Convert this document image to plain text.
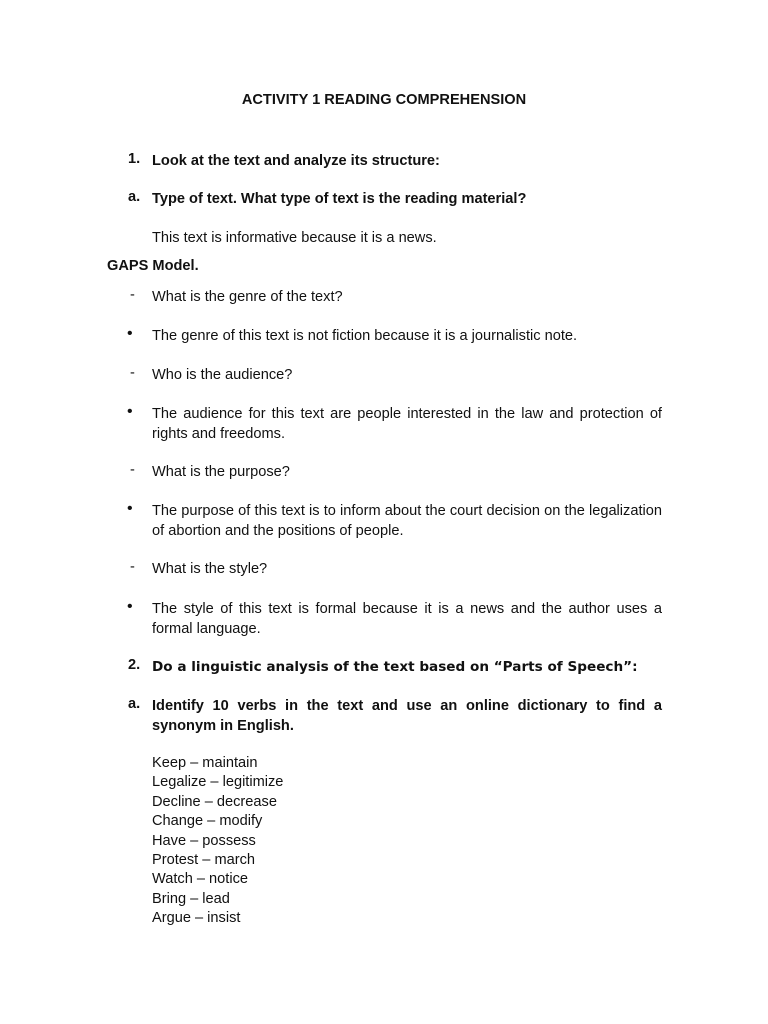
ACTIVITY 1 READING COMPREHENSION
1. Look at the text and analyze its structure:
a. Type of text. What type of text is the reading material?
This text is informative because it is a news.
GAPS Model.
-	What is the genre of the text?
•	The genre of this text is not fiction because it is a journalistic note.
-	Who is the audience?
•	The audience for this text are people interested in the law and protection of rights and freedoms.
-	What is the purpose?
•	The purpose of this text is to inform about the court decision on the legalization of abortion and the positions of people.
-	What is the style?
•	The style of this text is formal because it is a news and the author uses a formal language.
2. Do a linguistic analysis of the text based on “Parts of Speech”:
a. Identify 10 verbs in the text and use an online dictionary to find a synonym in English.
Keep – maintain
Legalize – legitimize
Decline – decrease
Change – modify
Have – possess
Protest – march
Watch – notice
Bring – lead
Argue – insist
